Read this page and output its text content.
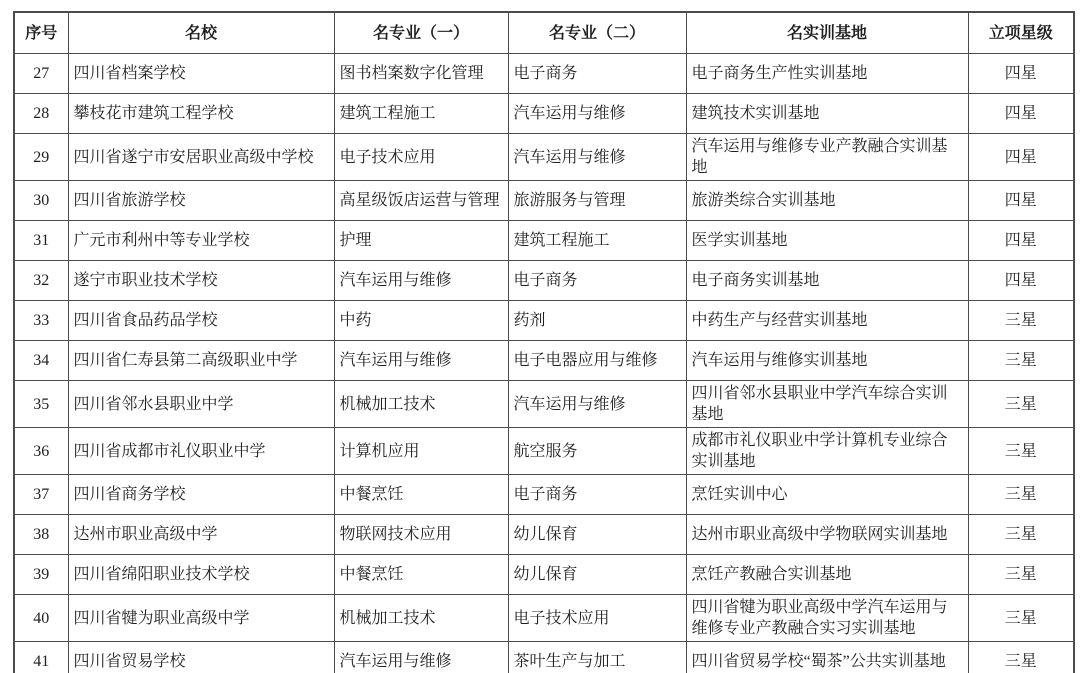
序号	名校	名专业（一）	名专业（二）	名实训基地	立项星级
27	四川省档案学校	图书档案数字化管理	电子商务	电子商务生产性实训基地	四星
28	攀枝花市建筑工程学校	建筑工程施工	汽车运用与维修	建筑技术实训基地	四星
29	四川省遂宁市安居职业高级中学校	电子技术应用	汽车运用与维修	汽车运用与维修专业产教融合实训基地	四星
30	四川省旅游学校	高星级饭店运营与管理	旅游服务与管理	旅游类综合实训基地	四星
31	广元市利州中等专业学校	护理	建筑工程施工	医学实训基地	四星
32	遂宁市职业技术学校	汽车运用与维修	电子商务	电子商务实训基地	四星
33	四川省食品药品学校	中药	药剂	中药生产与经营实训基地	三星
34	四川省仁寿县第二高级职业中学	汽车运用与维修	电子电器应用与维修	汽车运用与维修实训基地	三星
35	四川省邻水县职业中学	机械加工技术	汽车运用与维修	四川省邻水县职业中学汽车综合实训基地	三星
36	四川省成都市礼仪职业中学	计算机应用	航空服务	成都市礼仪职业中学计算机专业综合实训基地	三星
37	四川省商务学校	中餐烹饪	电子商务	烹饪实训中心	三星
38	达州市职业高级中学	物联网技术应用	幼儿保育	达州市职业高级中学物联网实训基地	三星
39	四川省绵阳职业技术学校	中餐烹饪	幼儿保育	烹饪产教融合实训基地	三星
40	四川省犍为职业高级中学	机械加工技术	电子技术应用	四川省犍为职业高级中学汽车运用与维修专业产教融合实习实训基地	三星
41	四川省贸易学校	汽车运用与维修	茶叶生产与加工	四川省贸易学校“蜀茶”公共实训基地	三星
